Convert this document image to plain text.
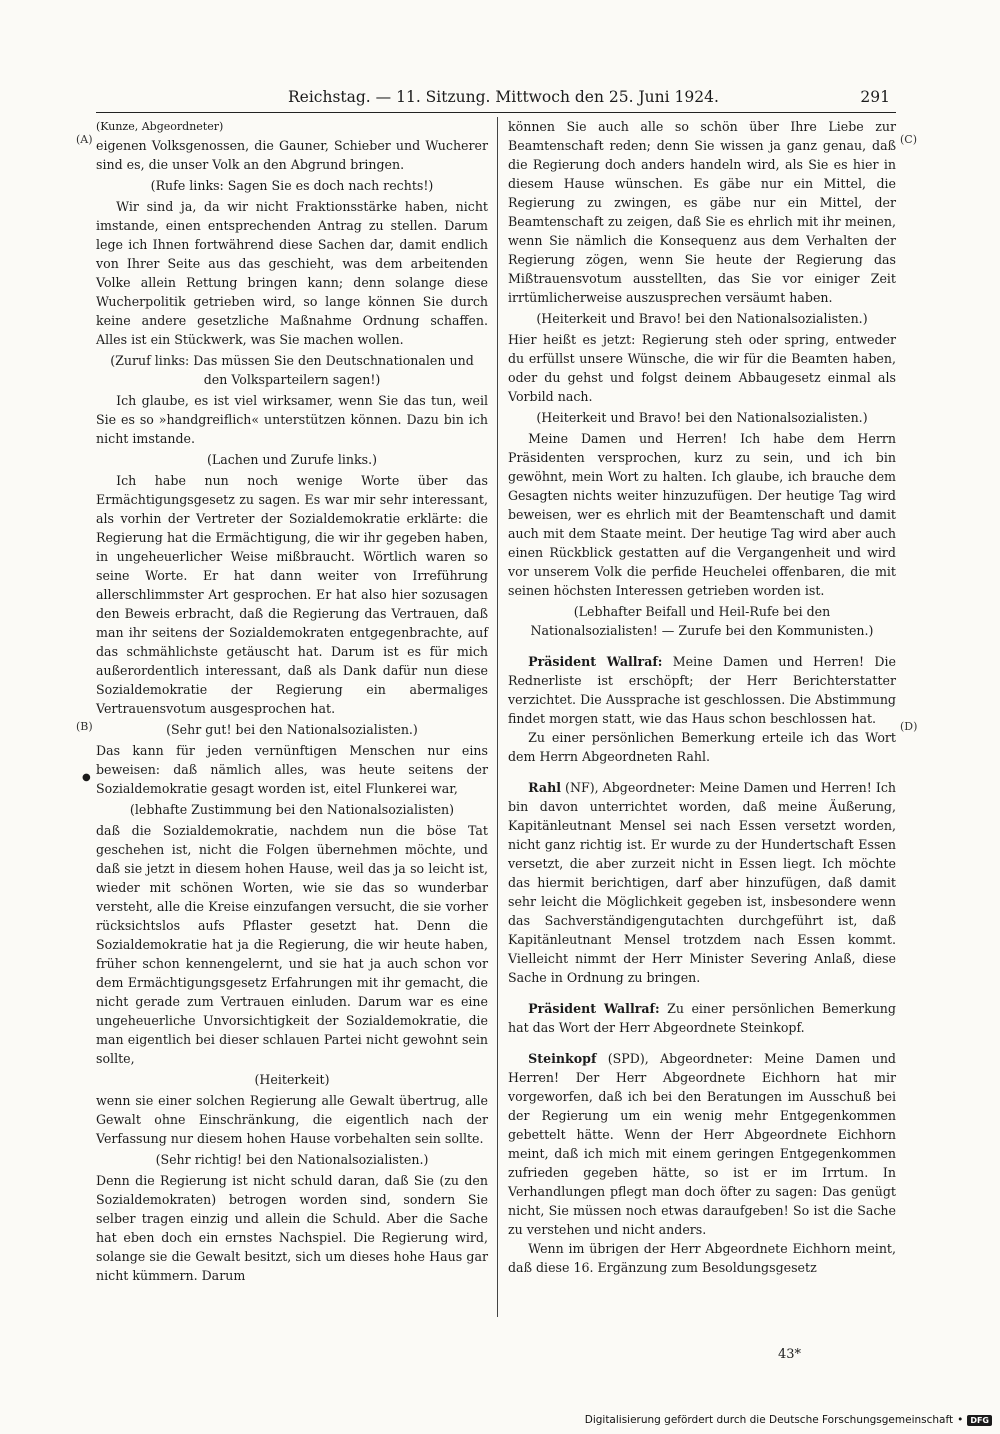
Reichstag. — 11. Sitzung. Mittwoch den 25. Juni 1924.	291
(A)
(B)
(C)
(D)
●

(Kunze, Abgeordneter)

eigenen Volksgenossen, die Gauner, Schieber und Wucherer sind es, die unser Volk an den Abgrund bringen.

(Rufe links: Sagen Sie es doch nach rechts!)

Wir sind ja, da wir nicht Fraktionsstärke haben, nicht imstande, einen entsprechenden Antrag zu stellen. Darum lege ich Ihnen fortwährend diese Sachen dar, damit endlich von Ihrer Seite aus das geschieht, was dem arbeitenden Volke allein Rettung bringen kann; denn solange diese Wucherpolitik getrieben wird, so lange können Sie durch keine andere gesetzliche Maßnahme Ordnung schaffen. Alles ist ein Stückwerk, was Sie machen wollen.

(Zuruf links: Das müssen Sie den Deutschnationalen und den Volksparteilern sagen!)

Ich glaube, es ist viel wirksamer, wenn Sie das tun, weil Sie es so »handgreiflich« unterstützen können. Dazu bin ich nicht imstande.

(Lachen und Zurufe links.)

Ich habe nun noch wenige Worte über das Ermächtigungsgesetz zu sagen. Es war mir sehr interessant, als vorhin der Vertreter der Sozialdemokratie erklärte: die Regierung hat die Ermächtigung, die wir ihr gegeben haben, in ungeheuerlicher Weise mißbraucht. Wörtlich waren so seine Worte. Er hat dann weiter von Irreführung allerschlimmster Art gesprochen. Er hat also hier sozusagen den Beweis erbracht, daß die Regierung das Vertrauen, daß man ihr seitens der Sozialdemokraten entgegenbrachte, auf das schmählichste getäuscht hat. Darum ist es für mich außerordentlich interessant, daß als Dank dafür nun diese Sozialdemokratie der Regierung ein abermaliges Vertrauensvotum ausgesprochen hat.

(Sehr gut! bei den Nationalsozialisten.)

Das kann für jeden vernünftigen Menschen nur eins beweisen: daß nämlich alles, was heute seitens der Sozialdemokratie gesagt worden ist, eitel Flunkerei war,

(lebhafte Zustimmung bei den Nationalsozialisten)

daß die Sozialdemokratie, nachdem nun die böse Tat geschehen ist, nicht die Folgen übernehmen möchte, und daß sie jetzt in diesem hohen Hause, weil das ja so leicht ist, wieder mit schönen Worten, wie sie das so wunderbar versteht, alle die Kreise einzufangen versucht, die sie vorher rücksichtslos aufs Pflaster gesetzt hat. Denn die Sozialdemokratie hat ja die Regierung, die wir heute haben, früher schon kennengelernt, und sie hat ja auch schon vor dem Ermächtigungsgesetz Erfahrungen mit ihr gemacht, die nicht gerade zum Vertrauen einluden. Darum war es eine ungeheuerliche Unvorsichtigkeit der Sozialdemokratie, die man eigentlich bei dieser schlauen Partei nicht gewohnt sein sollte,

(Heiterkeit)

wenn sie einer solchen Regierung alle Gewalt übertrug, alle Gewalt ohne Einschränkung, die eigentlich nach der Verfassung nur diesem hohen Hause vorbehalten sein sollte.

(Sehr richtig! bei den Nationalsozialisten.)

Denn die Regierung ist nicht schuld daran, daß Sie (zu den Sozialdemokraten) betrogen worden sind, sondern Sie selber tragen einzig und allein die Schuld. Aber die Sache hat eben doch ein ernstes Nachspiel. Die Regierung wird, solange sie die Gewalt besitzt, sich um dieses hohe Haus gar nicht kümmern. Darum

können Sie auch alle so schön über Ihre Liebe zur Beamtenschaft reden; denn Sie wissen ja ganz genau, daß die Regierung doch anders handeln wird, als Sie es hier in diesem Hause wünschen. Es gäbe nur ein Mittel, die Regierung zu zwingen, es gäbe nur ein Mittel, der Beamtenschaft zu zeigen, daß Sie es ehrlich mit ihr meinen, wenn Sie nämlich die Konsequenz aus dem Verhalten der Regierung zögen, wenn Sie heute der Regierung das Mißtrauensvotum ausstellten, das Sie vor einiger Zeit irrtümlicherweise auszusprechen versäumt haben.

(Heiterkeit und Bravo! bei den Nationalsozialisten.)

Hier heißt es jetzt: Regierung steh oder spring, entweder du erfüllst unsere Wünsche, die wir für die Beamten haben, oder du gehst und folgst deinem Abbaugesetz einmal als Vorbild nach.

(Heiterkeit und Bravo! bei den Nationalsozialisten.)

Meine Damen und Herren! Ich habe dem Herrn Präsidenten versprochen, kurz zu sein, und ich bin gewöhnt, mein Wort zu halten. Ich glaube, ich brauche dem Gesagten nichts weiter hinzuzufügen. Der heutige Tag wird beweisen, wer es ehrlich mit der Beamtenschaft und damit auch mit dem Staate meint. Der heutige Tag wird aber auch einen Rückblick gestatten auf die Vergangenheit und wird vor unserem Volk die perfide Heuchelei offenbaren, die mit seinen höchsten Interessen getrieben worden ist.

(Lebhafter Beifall und Heil-Rufe bei den Nationalsozialisten! — Zurufe bei den Kommunisten.)

Präsident Wallraf: Meine Damen und Herren! Die Rednerliste ist erschöpft; der Herr Berichterstatter verzichtet. Die Aussprache ist geschlossen. Die Abstimmung findet morgen statt, wie das Haus schon beschlossen hat.

Zu einer persönlichen Bemerkung erteile ich das Wort dem Herrn Abgeordneten Rahl.

Rahl (NF), Abgeordneter: Meine Damen und Herren! Ich bin davon unterrichtet worden, daß meine Äußerung, Kapitänleutnant Mensel sei nach Essen versetzt worden, nicht ganz richtig ist. Er wurde zu der Hundertschaft Essen versetzt, die aber zurzeit nicht in Essen liegt. Ich möchte das hiermit berichtigen, darf aber hinzufügen, daß damit sehr leicht die Möglichkeit gegeben ist, insbesondere wenn das Sachverständigengutachten durchgeführt ist, daß Kapitänleutnant Mensel trotzdem nach Essen kommt. Vielleicht nimmt der Herr Minister Severing Anlaß, diese Sache in Ordnung zu bringen.

Präsident Wallraf: Zu einer persönlichen Bemerkung hat das Wort der Herr Abgeordnete Steinkopf.

Steinkopf (SPD), Abgeordneter: Meine Damen und Herren! Der Herr Abgeordnete Eichhorn hat mir vorgeworfen, daß ich bei den Beratungen im Ausschuß bei der Regierung um ein wenig mehr Entgegenkommen gebettelt hätte. Wenn der Herr Abgeordnete Eichhorn meint, daß ich mich mit einem geringen Entgegenkommen zufrieden gegeben hätte, so ist er im Irrtum. In Verhandlungen pflegt man doch öfter zu sagen: Das genügt nicht, Sie müssen noch etwas daraufgeben! So ist die Sache zu verstehen und nicht anders.

Wenn im übrigen der Herr Abgeordnete Eichhorn meint, daß diese 16. Ergänzung zum Besoldungsgesetz

43*
Digitalisierung gefördert durch die Deutsche Forschungsgemeinschaft • DFG
